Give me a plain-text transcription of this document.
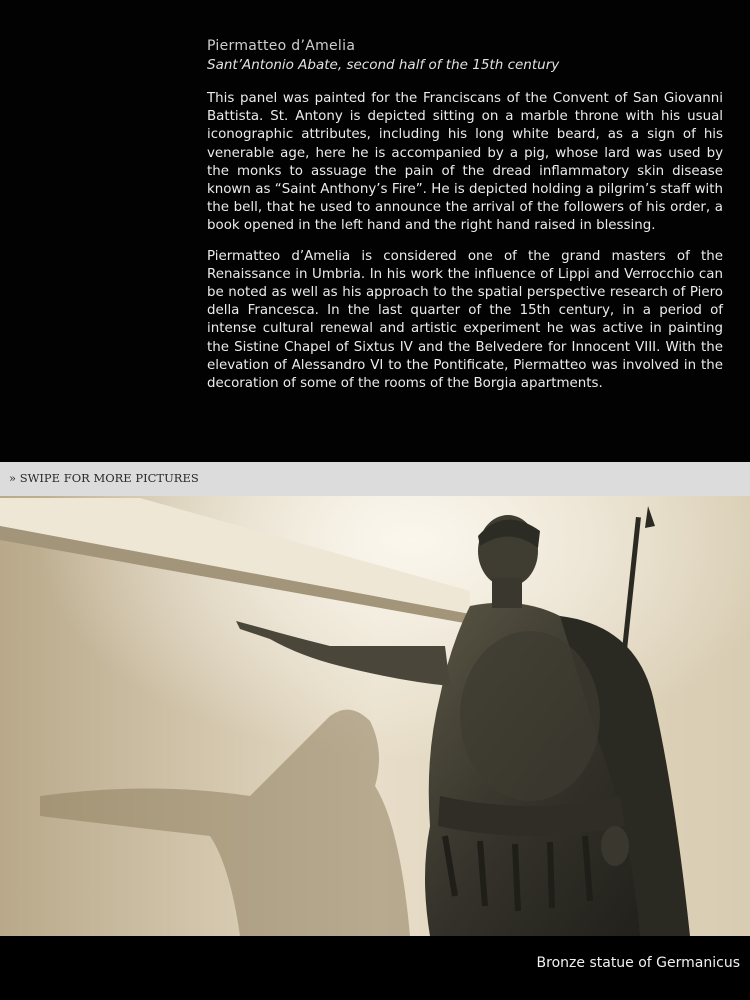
Piermatteo d’Amelia

Sant’Antonio Abate, second half of the 15th century

This panel was painted for the Franciscans of the Convent of San Giovanni Battista. St. Antony is depicted sitting on a marble throne with his usual iconographic attributes, including his long white beard, as a sign of his venerable age, here he is accompanied by a pig, whose lard was used by the monks to assuage the pain of the dread inflammatory skin disease known as “Saint Anthony’s Fire”. He is depicted holding a pilgrim’s staff with the bell, that he used to announce the arrival of the followers of his order, a book opened in the left hand and the right hand raised in blessing.

Piermatteo d’Amelia is considered one of the grand masters of the Renaissance in Umbria. In his work the influence of Lippi and Verrocchio can be noted as well as his approach to the spatial perspective research of Piero della Francesca. In the last quarter of the 15th century, in a period of intense cultural renewal and artistic experiment he was active in painting the Sistine Chapel of Sixtus IV and the Belvedere for Innocent VIII. With the elevation of Alessandro VI to the Pontificate, Piermatteo was involved in the decoration of some of the rooms of the Borgia apartments.

» SWIPE FOR MORE PICTURES
Bronze statue of Germanicus
